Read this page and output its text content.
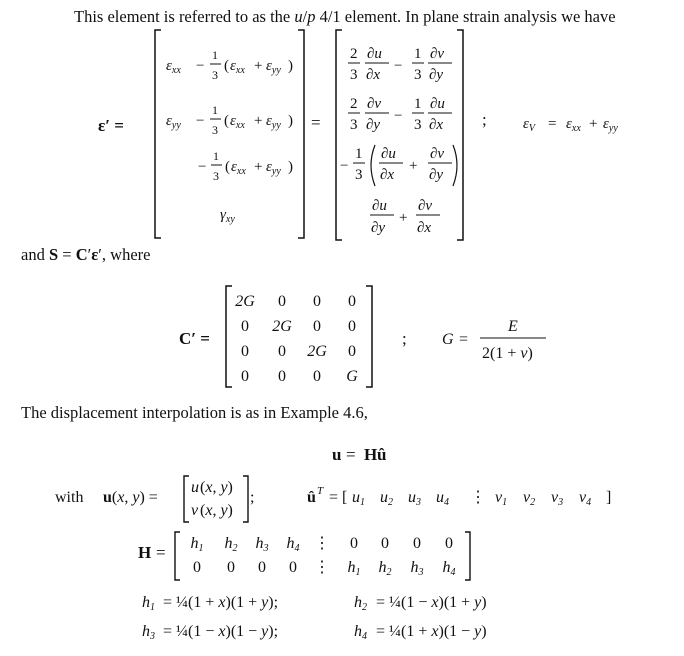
This element is referred to as the u/p 4/1 element. In plane strain analysis we have
ε′ =
$\varepsilon_{xx}$ −
1
3
( $\varepsilon_{xx} + \varepsilon_{yy}$ )
$\varepsilon_{yy}$ −
1
3
( $\varepsilon_{xx} + \varepsilon_{yy}$ )
−
1
3
( $\varepsilon_{xx} + \varepsilon_{yy}$ )
$\gamma_{xy}$
=
2
3
∂u
∂x
−
1
3
∂v
∂y
2
3
∂v
∂y
−
1
3
∂u
∂x
−
1
3
∂u
∂x
+
∂v
∂y
∂u
∂y
+
∂v
∂x
; $\varepsilon_V = \varepsilon_{xx} + \varepsilon_{yy}$
and S = C′ε′, where
C′ =
2G 0 0 0
0 2G 0 0
0 0 2G 0
0 0 0 G
; G =
E
2(1 + ν)
u = H û
with u(x, y) =
u (x, y)
v (x, y)
;	û T = [ u1 u2 u3 u4 ⋮ v1 v2 v3 v4 ]
H = h1 h2 h3 h4 ⋮ 0 0 0 0
0 0 0 0 ⋮ h1 h2 h3 h4
h1 = ¼(1 + x)(1 + y);	h2 = ¼(1 − x)(1 + y)
h3 = ¼(1 − x)(1 − y);	h4 = ¼(1 + x)(1 − y)
The displacement interpolation is as in Example 4.6,
